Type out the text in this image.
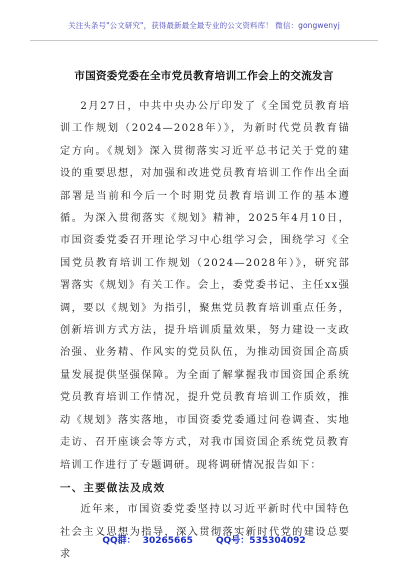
关注头条号"公文研究"，获得最新最全最专业的公文资料库！ 微信：gongwenyj
市国资委党委在全市党员教育培训工作会上的交流发言

2月27日，中共中央办公厅印发了《全国党员教育培训工作规划（2024—2028年）》，为新时代党员教育锚定方向。《规划》深入贯彻落实习近平总书记关于党的建设的重要思想，对加强和改进党员教育培训工作作出全面部署是当前和今后一个时期党员教育培训工作的基本遵循。为深入贯彻落实《规划》精神，2025年4月10日，市国资委党委召开理论学习中心组学习会，围绕学习《全国党员教育培训工作规划（2024—2028年）》，研究部署落实《规划》有关工作。会上，委党委书记、主任xx强调，要以《规划》为指引，聚焦党员教育培训重点任务，创新培训方式方法，提升培训质量效果，努力建设一支政治强、业务精、作风实的党员队伍，为推动国资国企高质量发展提供坚强保障。为全面了解掌握我市国资国企系统党员教育培训工作情况，提升党员教育培训工作质效，推动《规划》落实落地，市国资委党委通过问卷调查、实地走访、召开座谈会等方式，对我市国资国企系统党员教育培训工作进行了专题调研。现将调研情况报告如下：

一、主要做法及成效

近年来，市国资委党委坚持以习近平新时代中国特色社会主义思想为指导，深入贯彻落实新时代党的建设总要求

QQ群： 30265665	QQ号：535304092
